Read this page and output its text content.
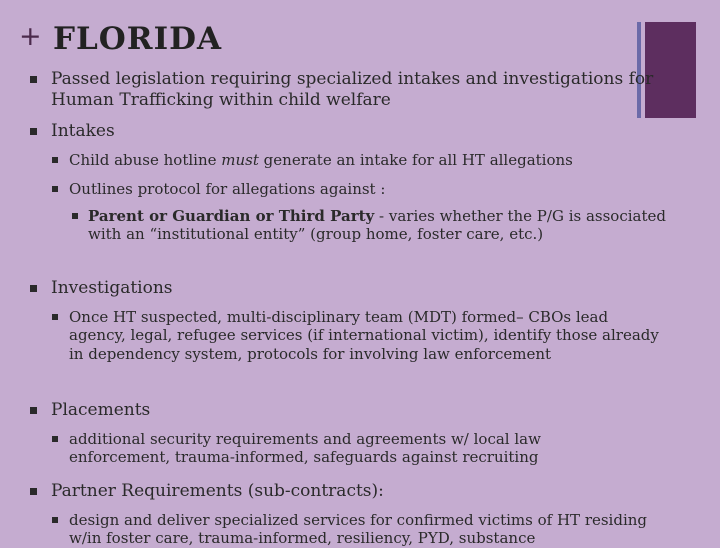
+ FLORIDA
Passed legislation requiring specialized intakes and investigations for Human Trafficking within child welfare
Intakes
Child abuse hotline must generate an intake for all HT allegations
Outlines protocol for allegations against :
Parent or Guardian or Third Party - varies whether the P/G is associated with an “institutional entity” (group home, foster care, etc.)
Investigations
Once HT suspected, multi-disciplinary team (MDT) formed– CBOs lead agency, legal, refugee services (if international victim), identify those already in dependency system, protocols for involving law enforcement
Placements
additional security requirements and agreements w/ local law enforcement, trauma-informed, safeguards against recruiting
Partner Requirements (sub-contracts):
design and deliver specialized services for confirmed victims of HT residing w/in foster care, trauma-informed, resiliency, PYD, substance
